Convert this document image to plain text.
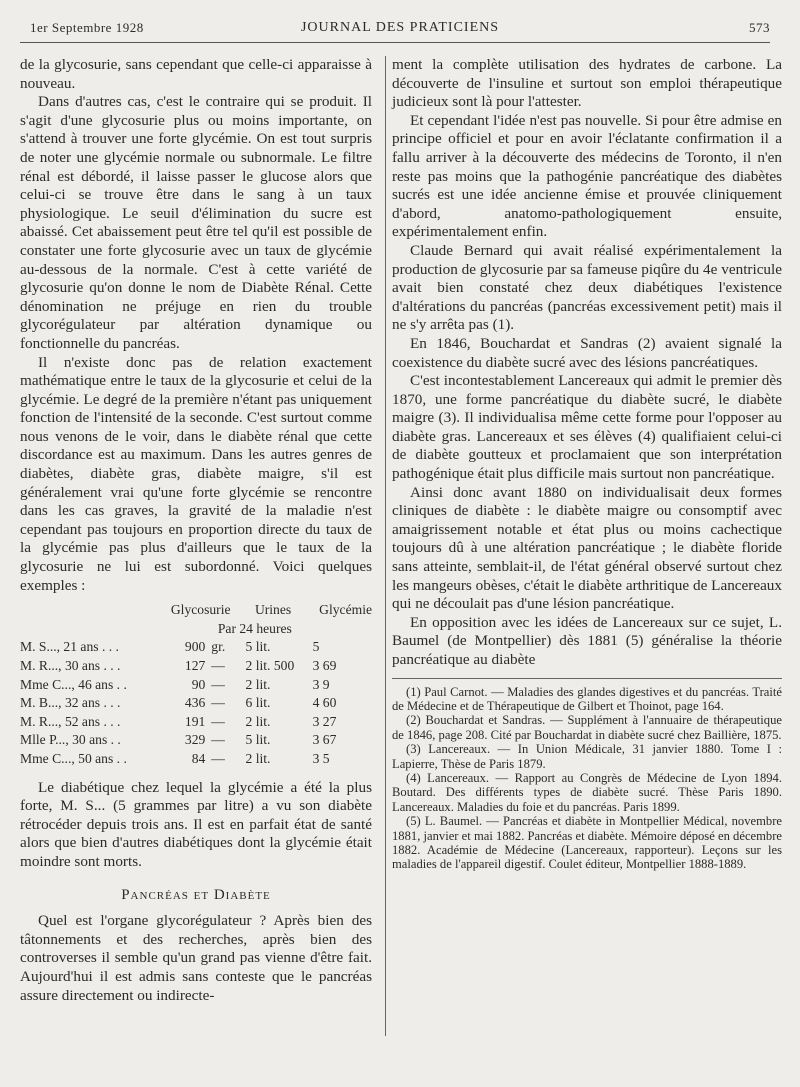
1er Septembre 1928	JOURNAL DES PRATICIENS	573

de la glycosurie, sans cependant que celle-ci apparaisse à nouveau.

Dans d'autres cas, c'est le contraire qui se produit. Il s'agit d'une glycosurie plus ou moins importante, on s'attend à trouver une forte glycémie. On est tout surpris de noter une glycémie normale ou subnormale. Le filtre rénal est débordé, il laisse passer le glucose alors que celui-ci se trouve être dans le sang à un taux physiologique. Le seuil d'élimination du sucre est abaissé. Cet abaissement peut être tel qu'il est possible de constater une forte glycosurie avec un taux de glycémie au-dessous de la normale. C'est à cette variété de glycosurie qu'on donne le nom de Diabète Rénal. Cette dénomination ne préjuge en rien du trouble glycorégulateur par altération dynamique ou fonctionnelle du pancréas.

Il n'existe donc pas de relation exactement mathématique entre le taux de la glycosurie et celui de la glycémie. Le degré de la première n'étant pas uniquement fonction de l'intensité de la seconde. C'est surtout comme nous venons de le voir, dans le diabète rénal que cette discordance est au maximum. Dans les autres genres de diabètes, diabète gras, diabète maigre, s'il est généralement vrai qu'une forte glycémie se rencontre dans les cas graves, la gravité de la maladie n'est cependant pas toujours en proportion directe du taux de la glycémie pas plus d'ailleurs que le taux de la glycosurie ne lui est subordonné. Voici quelques exemples :

	Glycosurie		Urines	Glycémie
	Par 24 heures			
M. S..., 21 ans . . .	900	gr.	5 lit.	5
M. R..., 30 ans . . .	127	—	2 lit. 500	3 69
Mme C..., 46 ans . .	90	—	2 lit.	3 9
M. B..., 32 ans . . .	436	—	6 lit.	4 60
M. R..., 52 ans . . .	191	—	2 lit.	3 27
Mlle P..., 30 ans . .	329	—	5 lit.	3 67
Mme C..., 50 ans . .	84	—	2 lit.	3 5

Le diabétique chez lequel la glycémie a été la plus forte, M. S... (5 grammes par litre) a vu son diabète rétrocéder depuis trois ans. Il est en parfait état de santé alors que bien d'autres diabétiques dont la glycémie était moindre sont morts.

Pancréas et Diabète

Quel est l'organe glycorégulateur ? Après bien des tâtonnements et des recherches, après bien des controverses il semble qu'un grand pas vienne d'être fait. Aujourd'hui il est admis sans conteste que le pancréas assure directement ou indirecte-

ment la complète utilisation des hydrates de carbone. La découverte de l'insuline et surtout son emploi thérapeutique judicieux sont là pour l'attester.

Et cependant l'idée n'est pas nouvelle. Si pour être admise en principe officiel et pour en avoir l'éclatante confirmation il a fallu arriver à la découverte des médecins de Toronto, il n'en reste pas moins que la pathogénie pancréatique des diabètes sucrés est une idée ancienne émise et prouvée cliniquement d'abord, anatomo-pathologiquement ensuite, expérimentalement enfin.

Claude Bernard qui avait réalisé expérimentalement la production de glycosurie par sa fameuse piqûre du 4e ventricule avait bien constaté chez deux diabétiques l'existence d'altérations du pancréas (pancréas excessivement petit) mais il ne s'y arrêta pas (1).

En 1846, Bouchardat et Sandras (2) avaient signalé la coexistence du diabète sucré avec des lésions pancréatiques.

C'est incontestablement Lancereaux qui admit le premier dès 1870, une forme pancréatique du diabète sucré, le diabète maigre (3). Il individualisa même cette forme pour l'opposer au diabète gras. Lancereaux et ses élèves (4) qualifiaient celui-ci de diabète goutteux et proclamaient que son interprétation pathogénique était plus difficile mais surtout non pancréatique.

Ainsi donc avant 1880 on individualisait deux formes cliniques de diabète : le diabète maigre ou consomptif avec amaigrissement notable et état plus ou moins cachectique toujours dû à une altération pancréatique ; le diabète floride sans atteinte, semblait-il, de l'état général observé surtout chez les mangeurs obèses, c'était le diabète arthritique de Lancereaux qui ne découlait pas d'une lésion pancréatique.

En opposition avec les idées de Lancereaux sur ce sujet, L. Baumel (de Montpellier) dès 1881 (5) généralise la théorie pancréatique au diabète

(1) Paul Carnot. — Maladies des glandes digestives et du pancréas. Traité de Médecine et de Thérapeutique de Gilbert et Thoinot, page 164.

(2) Bouchardat et Sandras. — Supplément à l'annuaire de thérapeutique de 1846, page 208. Cité par Bouchardat in diabète sucré chez Baillière, 1875.

(3) Lancereaux. — In Union Médicale, 31 janvier 1880. Tome I : Lapierre, Thèse de Paris 1879.

(4) Lancereaux. — Rapport au Congrès de Médecine de Lyon 1894. Boutard. Des différents types de diabète sucré. Thèse Paris 1890. Lancereaux. Maladies du foie et du pancréas. Paris 1899.

(5) L. Baumel. — Pancréas et diabète in Montpellier Médical, novembre 1881, janvier et mai 1882. Pancréas et diabète. Mémoire déposé en décembre 1882. Académie de Médecine (Lancereaux, rapporteur). Leçons sur les maladies de l'appareil digestif. Coulet éditeur, Montpellier 1888-1889.
